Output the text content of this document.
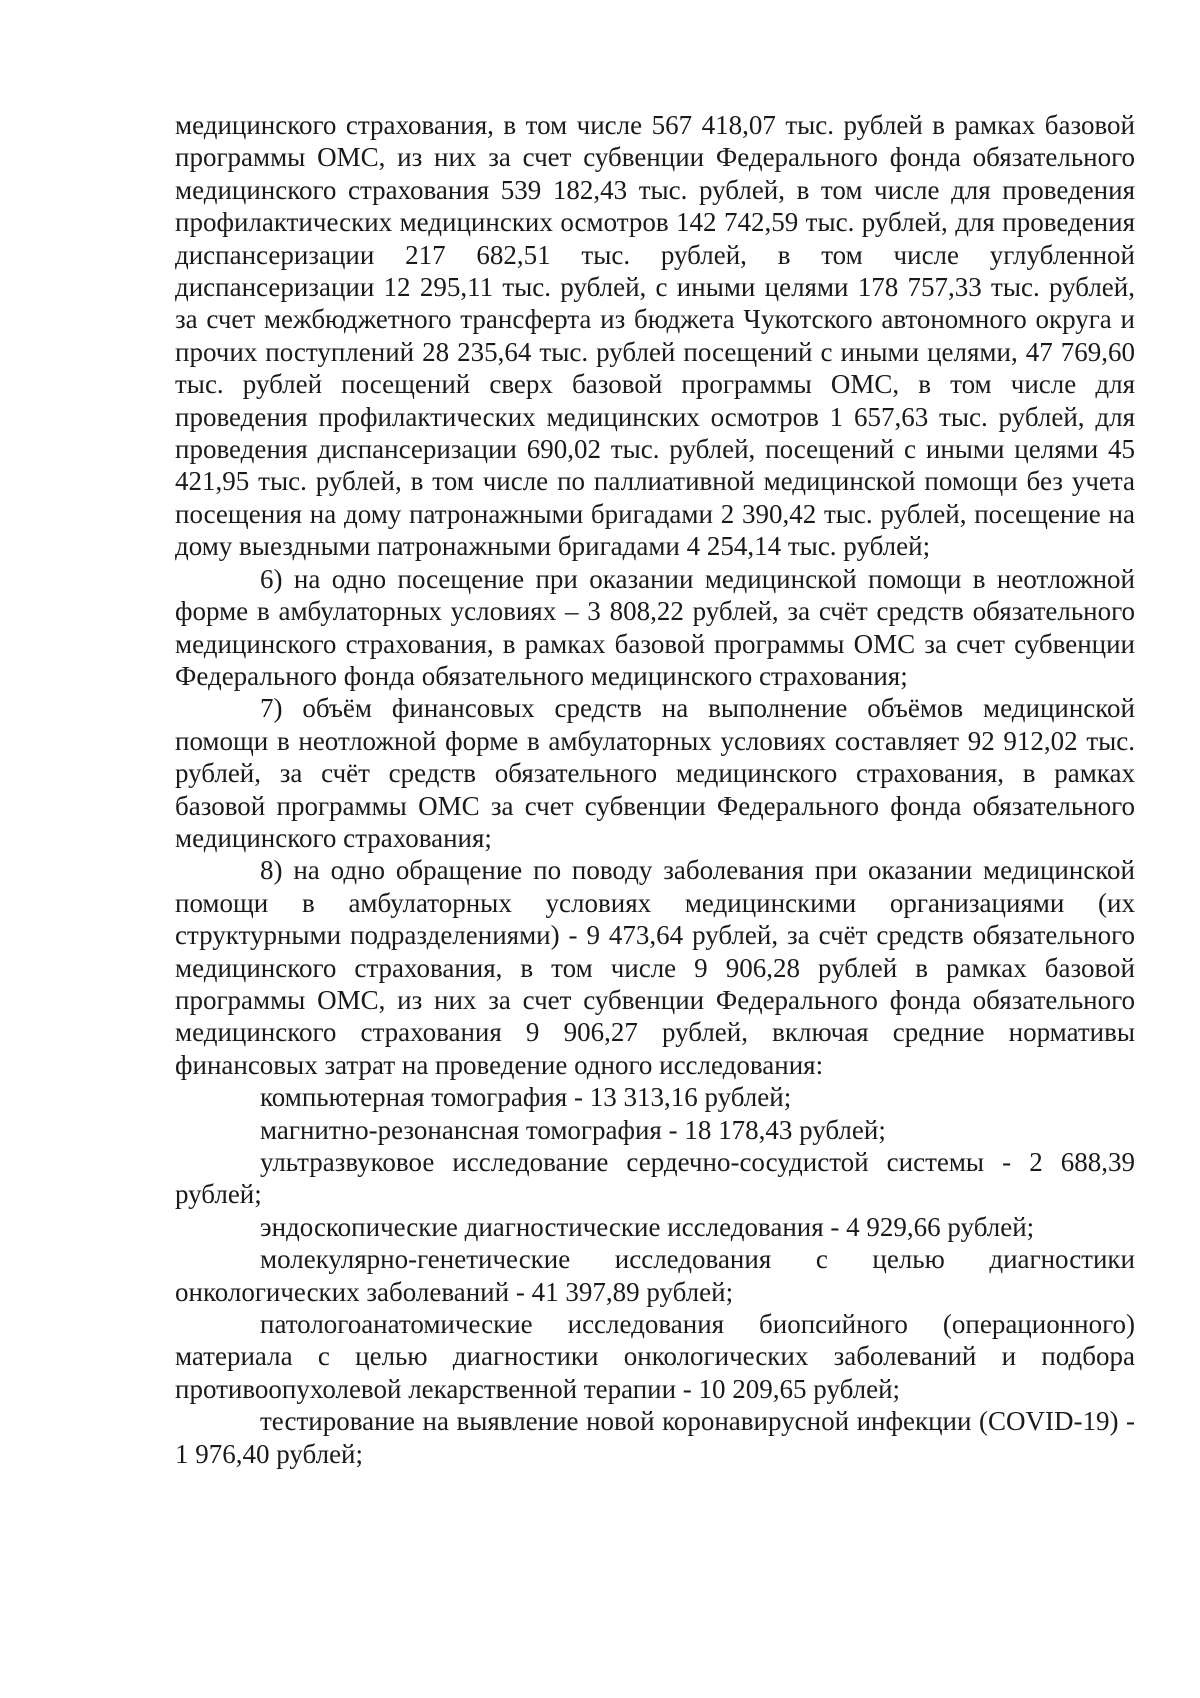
медицинского страхования, в том числе 567 418,07 тыс. рублей в рамках базовой программы ОМС, из них за счет субвенции Федерального фонда обязательного медицинского страхования 539 182,43 тыс. рублей, в том числе для проведения профилактических медицинских осмотров 142 742,59 тыс. рублей, для проведения диспансеризации 217 682,51 тыс. рублей, в том числе углубленной диспансеризации 12 295,11 тыс. рублей, с иными целями 178 757,33 тыс. рублей, за счет межбюджетного трансферта из бюджета Чукотского автономного округа и прочих поступлений 28 235,64 тыс. рублей посещений с иными целями, 47 769,60 тыс. рублей посещений сверх базовой программы ОМС, в том числе для проведения профилактических медицинских осмотров 1 657,63 тыс. рублей, для проведения диспансеризации 690,02 тыс. рублей, посещений с иными целями 45 421,95 тыс. рублей, в том числе по паллиативной медицинской помощи без учета посещения на дому патронажными бригадами 2 390,42 тыс. рублей, посещение на дому выездными патронажными бригадами 4 254,14 тыс. рублей;

6) на одно посещение при оказании медицинской помощи в неотложной форме в амбулаторных условиях – 3 808,22 рублей, за счёт средств обязательного медицинского страхования, в рамках базовой программы ОМС за счет субвенции Федерального фонда обязательного медицинского страхования;

7) объём финансовых средств на выполнение объёмов медицинской помощи в неотложной форме в амбулаторных условиях составляет 92 912,02 тыс. рублей, за счёт средств обязательного медицинского страхования, в рамках базовой программы ОМС за счет субвенции Федерального фонда обязательного медицинского страхования;

8) на одно обращение по поводу заболевания при оказании медицинской помощи в амбулаторных условиях медицинскими организациями (их структурными подразделениями) - 9 473,64 рублей, за счёт средств обязательного медицинского страхования, в том числе 9 906,28 рублей в рамках базовой программы ОМС, из них за счет субвенции Федерального фонда обязательного медицинского страхования 9 906,27 рублей, включая средние нормативы финансовых затрат на проведение одного исследования:

компьютерная томография - 13 313,16 рублей;

магнитно-резонансная томография - 18 178,43 рублей;

ультразвуковое исследование сердечно-сосудистой системы - 2 688,39 рублей;

эндоскопические диагностические исследования - 4 929,66 рублей;

молекулярно-генетические исследования с целью диагностики онкологических заболеваний - 41 397,89 рублей;

патологоанатомические исследования биопсийного (операционного) материала с целью диагностики онкологических заболеваний и подбора противоопухолевой лекарственной терапии - 10 209,65 рублей;

тестирование на выявление новой коронавирусной инфекции (COVID-19) - 1 976,40 рублей;
